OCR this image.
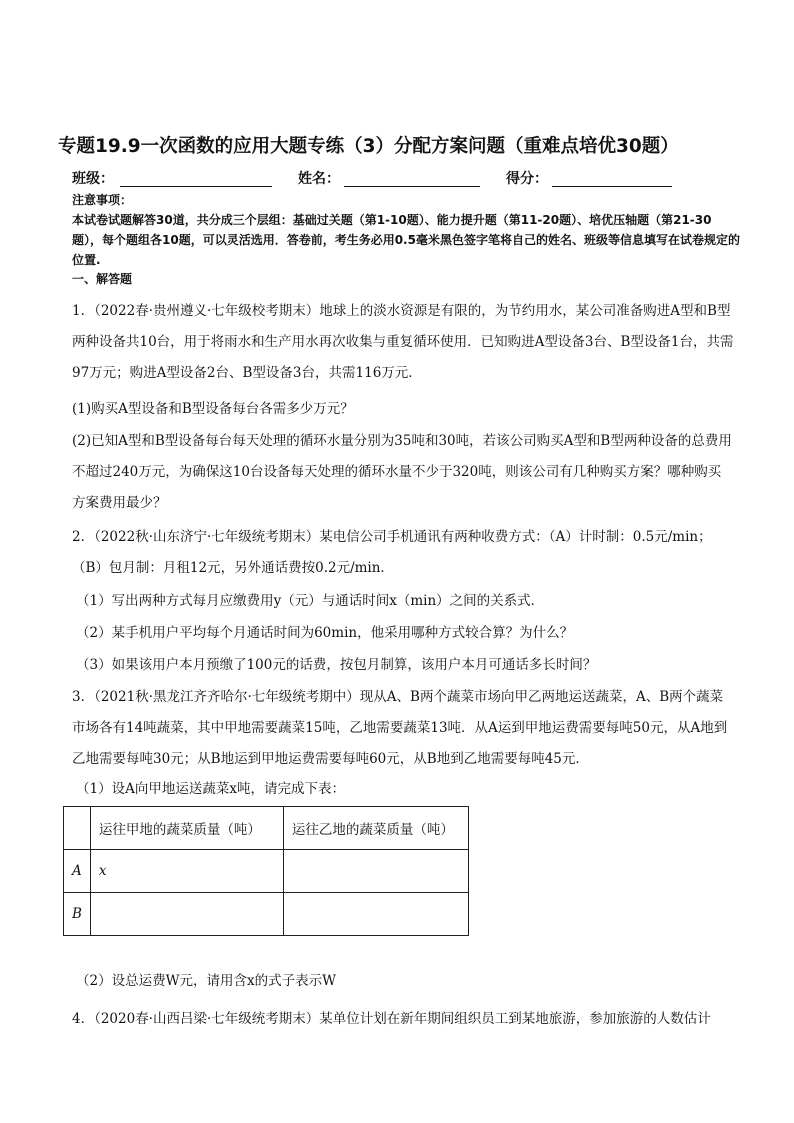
专题19.9一次函数的应用大题专练（3）分配方案问题（重难点培优30题）
班级：	姓名：	得分：
注意事项：
本试卷试题解答30道，共分成三个层组：基础过关题（第1-10题）、能力提升题（第11-20题）、培优压轴题（第21-30题），每个题组各10题，可以灵活选用．答卷前，考生务必用0.5毫米黑色签字笔将自己的姓名、班级等信息填写在试卷规定的位置.
一、解答题
1．（2022春·贵州遵义·七年级校考期末）地球上的淡水资源是有限的，为节约用水，某公司准备购进A型和B型两种设备共10台，用于将雨水和生产用水再次收集与重复循环使用．已知购进A型设备3台、B型设备1台，共需97万元；购进A型设备2台、B型设备3台，共需116万元．
(1)购买A型设备和B型设备每台各需多少万元？
(2)已知A型和B型设备每台每天处理的循环水量分别为35吨和30吨，若该公司购买A型和B型两种设备的总费用不超过240万元，为确保这10台设备每天处理的循环水量不少于320吨，则该公司有几种购买方案？哪种购买方案费用最少？
2．（2022秋·山东济宁·七年级统考期末）某电信公司手机通讯有两种收费方式：（A）计时制：0.5元/min；（B）包月制：月租12元，另外通话费按0.2元/min．
（1）写出两种方式每月应缴费用y（元）与通话时间x（min）之间的关系式．
（2）某手机用户平均每个月通话时间为60min，他采用哪种方式较合算？为什么？
（3）如果该用户本月预缴了100元的话费，按包月制算，该用户本月可通话多长时间？
3．（2021秋·黑龙江齐齐哈尔·七年级统考期中）现从A、B两个蔬菜市场向甲乙两地运送蔬菜，A、B两个蔬菜市场各有14吨蔬菜，其中甲地需要蔬菜15吨，乙地需要蔬菜13吨．从A运到甲地运费需要每吨50元，从A地到乙地需要每吨30元；从B地运到甲地运费需要每吨60元，从B地到乙地需要每吨45元．
（1）设A向甲地运送蔬菜x吨，请完成下表：
	运往甲地的蔬菜质量（吨）	运往乙地的蔬菜质量（吨）
A	x	
B		
（2）设总运费W元，请用含x的式子表示W
4．（2020春·山西吕梁·七年级统考期末）某单位计划在新年期间组织员工到某地旅游，参加旅游的人数估计
